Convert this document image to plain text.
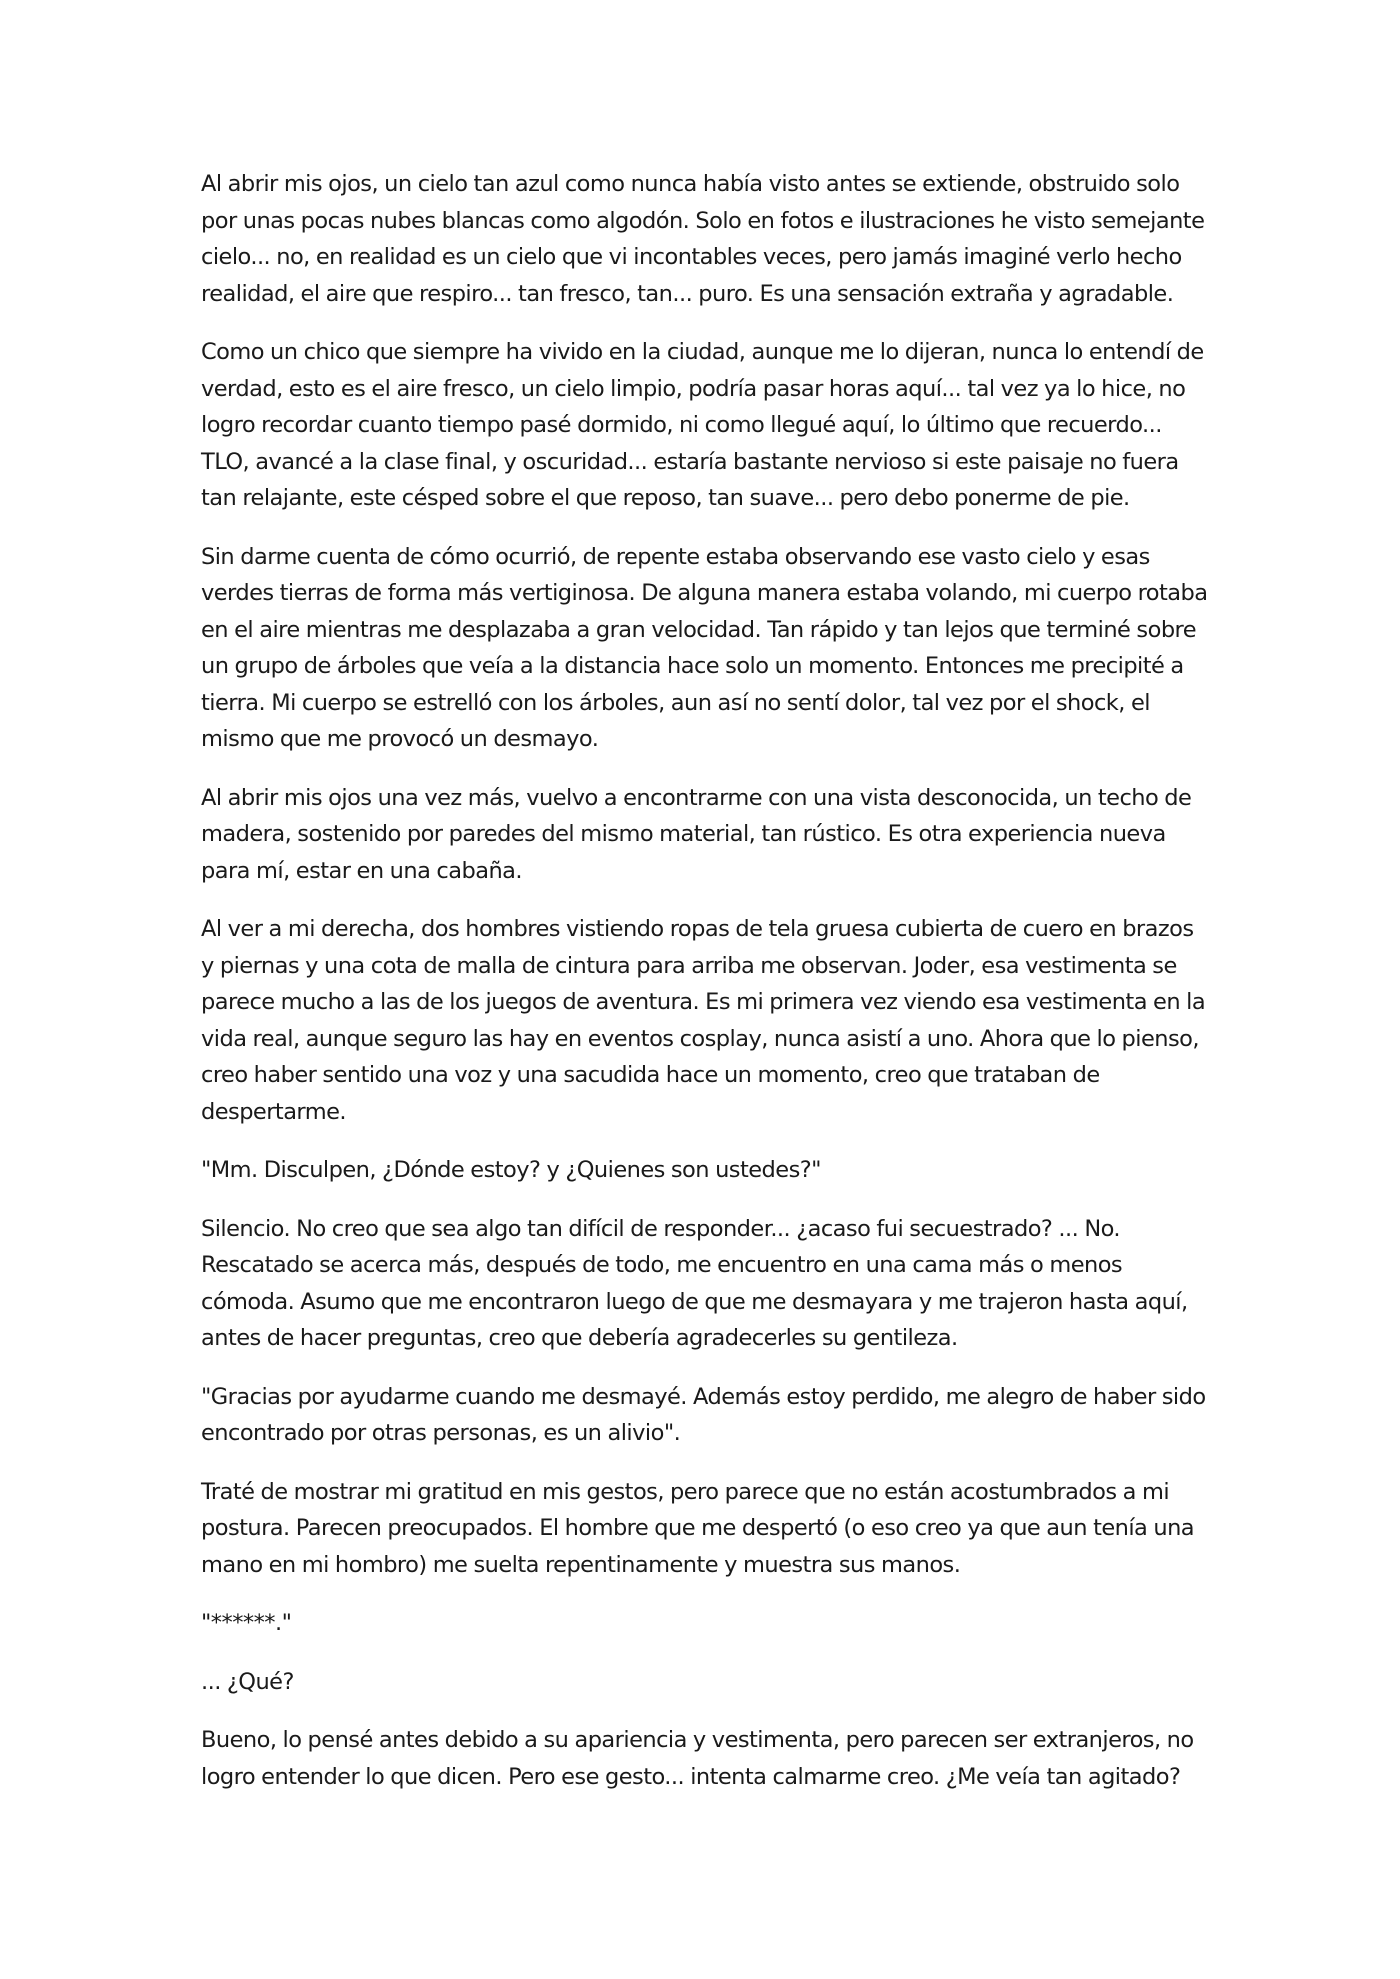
Al abrir mis ojos, un cielo tan azul como nunca había visto antes se extiende, obstruido solo por unas pocas nubes blancas como algodón. Solo en fotos e ilustraciones he visto semejante cielo... no, en realidad es un cielo que vi incontables veces, pero jamás imaginé verlo hecho realidad, el aire que respiro... tan fresco, tan... puro. Es una sensación extraña y agradable.

Como un chico que siempre ha vivido en la ciudad, aunque me lo dijeran, nunca lo entendí de verdad, esto es el aire fresco, un cielo limpio, podría pasar horas aquí... tal vez ya lo hice, no logro recordar cuanto tiempo pasé dormido, ni como llegué aquí, lo último que recuerdo... TLO, avancé a la clase final, y oscuridad... estaría bastante nervioso si este paisaje no fuera tan relajante, este césped sobre el que reposo, tan suave... pero debo ponerme de pie.

Sin darme cuenta de cómo ocurrió, de repente estaba observando ese vasto cielo y esas verdes tierras de forma más vertiginosa. De alguna manera estaba volando, mi cuerpo rotaba en el aire mientras me desplazaba a gran velocidad. Tan rápido y tan lejos que terminé sobre un grupo de árboles que veía a la distancia hace solo un momento. Entonces me precipité a tierra. Mi cuerpo se estrelló con los árboles, aun así no sentí dolor, tal vez por el shock, el mismo que me provocó un desmayo.

Al abrir mis ojos una vez más, vuelvo a encontrarme con una vista desconocida, un techo de madera, sostenido por paredes del mismo material, tan rústico. Es otra experiencia nueva para mí, estar en una cabaña.

Al ver a mi derecha, dos hombres vistiendo ropas de tela gruesa cubierta de cuero en brazos y piernas y una cota de malla de cintura para arriba me observan. Joder, esa vestimenta se parece mucho a las de los juegos de aventura. Es mi primera vez viendo esa vestimenta en la vida real, aunque seguro las hay en eventos cosplay, nunca asistí a uno. Ahora que lo pienso, creo haber sentido una voz y una sacudida hace un momento, creo que trataban de despertarme.

"Mm. Disculpen, ¿Dónde estoy? y ¿Quienes son ustedes?"

Silencio. No creo que sea algo tan difícil de responder... ¿acaso fui secuestrado? ... No. Rescatado se acerca más, después de todo, me encuentro en una cama más o menos cómoda. Asumo que me encontraron luego de que me desmayara y me trajeron hasta aquí, antes de hacer preguntas, creo que debería agradecerles su gentileza.

"Gracias por ayudarme cuando me desmayé. Además estoy perdido, me alegro de haber sido encontrado por otras personas, es un alivio".

Traté de mostrar mi gratitud en mis gestos, pero parece que no están acostumbrados a mi postura. Parecen preocupados. El hombre que me despertó (o eso creo ya que aun tenía una mano en mi hombro) me suelta repentinamente y muestra sus manos.

"******."

... ¿Qué?

Bueno, lo pensé antes debido a su apariencia y vestimenta, pero parecen ser extranjeros, no logro entender lo que dicen. Pero ese gesto... intenta calmarme creo. ¿Me veía tan agitado?
